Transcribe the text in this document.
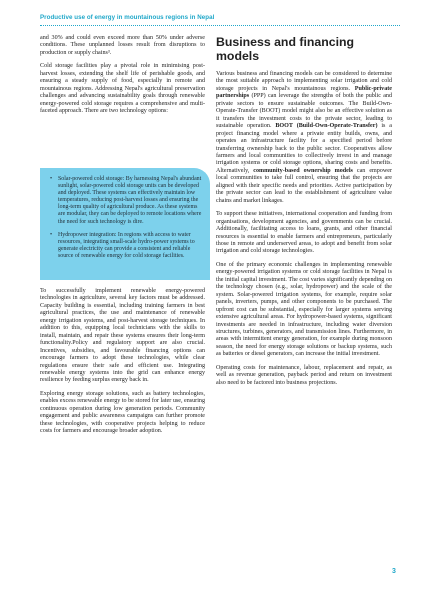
Productive use of energy in mountainous regions in Nepal

and 30% and could even exceed more than 50% under adverse conditions. These unplanned losses result from disruptions to production or supply chains³.

Cold storage facilities play a pivotal role in minimising post-harvest losses, extending the shelf life of perishable goods, and ensuring a steady supply of food, especially in remote and mountainous regions. Addressing Nepal's agricultural preservation challenges and advancing sustainability goals through renewable energy-powered cold storage requires a comprehensive and multi-faceted approach. There are two technology options:

• Solar-powered cold storage: By harnessing Nepal's abundant sunlight, solar-powered cold storage units can be developed and deployed. These systems can effectively maintain low temperatures, reducing post-harvest losses and ensuring the long-term quality of agricultural produce. As these systems are modular, they can be deployed to remote locations where the need for such technology is dire.
• Hydropower integration: In regions with access to water resources, integrating small-scale hydro-power systems to generate electricity can provide a consistent and reliable source of renewable energy for cold storage facilities.

To successfully implement renewable energy-powered technologies in agriculture, several key factors must be addressed. Capacity building is essential, including training farmers in best agricultural practices, the use and maintenance of renewable energy irrigation systems, and post-harvest storage techniques. In addition to this, equipping local technicians with the skills to install, maintain, and repair these systems ensures their long-term functionality.Policy and regulatory support are also crucial. Incentives, subsidies, and favourable financing options can encourage farmers to adopt these technologies, while clear regulations ensure their safe and efficient use. Integrating renewable energy systems into the grid can enhance energy resilience by feeding surplus energy back in.

Exploring energy storage solutions, such as battery technologies, enables excess renewable energy to be stored for later use, ensuring continuous operation during low generation periods. Community engagement and public awareness campaigns can further promote these technologies, with cooperative projects helping to reduce costs for farmers and encourage broader adoption.

Business and financing
models

Various business and financing models can be considered to determine the most suitable approach to implementing solar irrigation and cold storage projects in Nepal's mountainous regions. Public-private partnerships (PPP) can leverage the strengths of both the public and private sectors to ensure sustainable outcomes. The Build-Own-Operate-Transfer (BOOT) model might also be an effective solution as it transfers the investment costs to the private sector, leading to sustainable operation. BOOT (Build-Own-Operate-Transfer) is a project financing model where a private entity builds, owns, and operates an infrastructure facility for a specified period before transferring ownership back to the public sector. Cooperatives allow farmers and local communities to collectively invest in and manage irrigation systems or cold storage options, sharing costs and benefits. Alternatively, community-based ownership models can empower local communities to take full control, ensuring that the projects are aligned with their specific needs and priorities. Active participation by the private sector can lead to the establishment of agriculture value chains and market linkages.

To support these initiatives, international cooperation and funding from organisations, development agencies, and governments can be crucial. Additionally, facilitating access to loans, grants, and other financial resources is essential to enable farmers and entrepreneurs, particularly those in remote and underserved areas, to adopt and benefit from solar irrigation and cold storage technologies.

One of the primary economic challenges in implementing renewable energy-powered irrigation systems or cold storage facilities in Nepal is the initial capital investment. The cost varies significantly depending on the technology chosen (e.g., solar, hydropower) and the scale of the system. Solar-powered irrigation systems, for example, require solar panels, inverters, pumps, and other components to be purchased. The upfront cost can be substantial, especially for larger systems serving extensive agricultural areas. For hydropower-based systems, significant investments are needed in infrastructure, including water diversion structures, turbines, generators, and transmission lines. Furthermore, in areas with intermittent energy generation, for example during monsoon season, the need for energy storage solutions or backup systems, such as batteries or diesel generators, can increase the initial investment.

Operating costs for maintenance, labour, replacement and repair, as well as revenue generation, payback period and return on investment also need to be factored into business projections.

3
